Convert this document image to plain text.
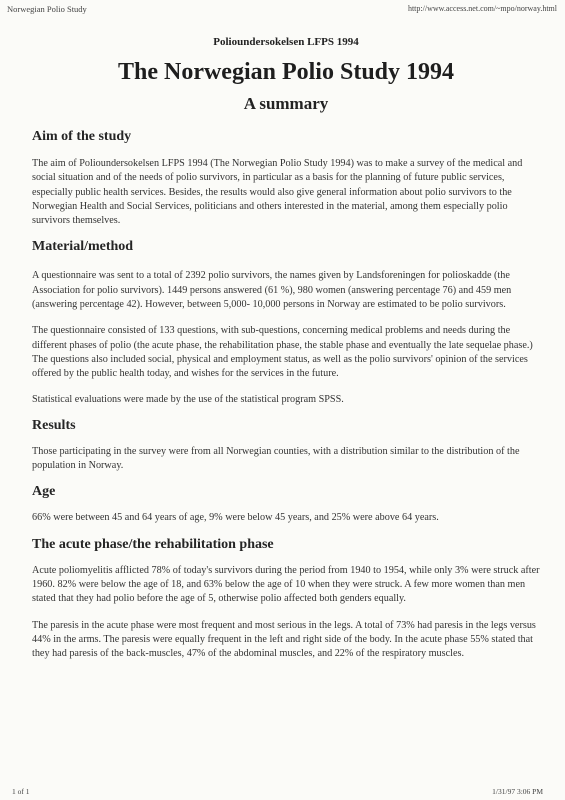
Norwegian Polio Study	http://www.access.net.com/~mpo/norway.html
Polioundersokelsen LFPS 1994
The Norwegian Polio Study 1994
A summary
Aim of the study

The aim of Polioundersokelsen LFPS 1994 (The Norwegian Polio Study 1994) was to make a survey of the medical and social situation and of the needs of polio survivors, in particular as a basis for the planning of future public services, especially public health services. Besides, the results would also give general information about polio survivors to the Norwegian Health and Social Services, politicians and others interested in the material, among them especially polio survivors themselves.

Material/method

A questionnaire was sent to a total of 2392 polio survivors, the names given by Landsforeningen for polioskadde (the Association for polio survivors). 1449 persons answered (61 %), 980 women (answering percentage 76) and 459 men (answering percentage 42). However, between 5,000- 10,000 persons in Norway are estimated to be polio survivors.

The questionnaire consisted of 133 questions, with sub-questions, concerning medical problems and needs during the different phases of polio (the acute phase, the rehabilitation phase, the stable phase and eventually the late sequelae phase.) The questions also included social, physical and employment status, as well as the polio survivors' opinion of the services offered by the public health today, and wishes for the services in the future.

Statistical evaluations were made by the use of the statistical program SPSS.

Results

Those participating in the survey were from all Norwegian counties, with a distribution similar to the distribution of the population in Norway.

Age

66% were between 45 and 64 years of age, 9% were below 45 years, and 25% were above 64 years.

The acute phase/the rehabilitation phase

Acute poliomyelitis afflicted 78% of today's survivors during the period from 1940 to 1954, while only 3% were struck after 1960. 82% were below the age of 18, and 63% below the age of 10 when they were struck. A few more women than men stated that they had polio before the age of 5, otherwise polio affected both genders equally.

The paresis in the acute phase were most frequent and most serious in the legs. A total of 73% had paresis in the legs versus 44% in the arms. The paresis were equally frequent in the left and right side of the body. In the acute phase 55% stated that they had paresis of the back-muscles, 47% of the abdominal muscles, and 22% of the respiratory muscles.

1 of 1	1/31/97 3:06 PM
